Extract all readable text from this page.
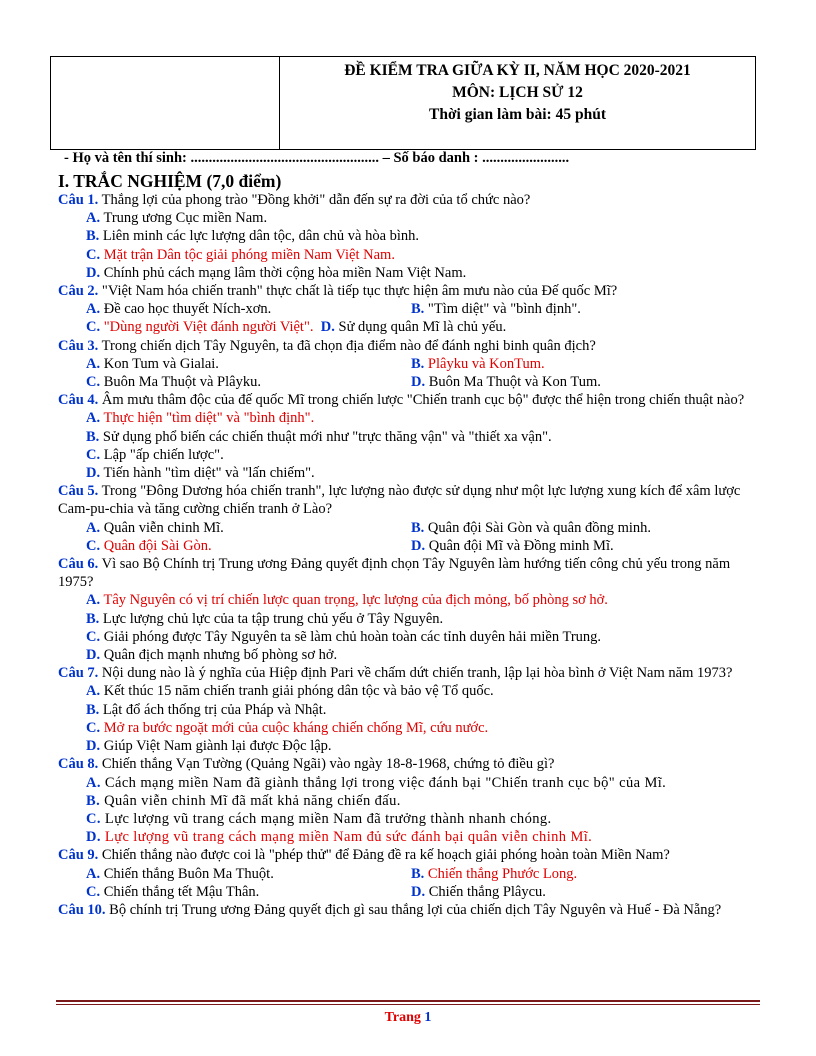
ĐỀ KIỂM TRA GIỮA KỲ II, NĂM HỌC 2020-2021
MÔN: LỊCH SỬ 12
Thời gian làm bài: 45 phút
- Họ và tên thí sinh: .................................................... – Số báo danh : ........................
I. TRẮC NGHIỆM (7,0 điểm)
Câu 1. Thắng lợi của phong trào "Đồng khởi" dẫn đến sự ra đời của tổ chức nào?
A. Trung ương Cục miền Nam.
B. Liên minh các lực lượng dân tộc, dân chủ và hòa bình.
C. Mặt trận Dân tộc giải phóng miền Nam Việt Nam.
D. Chính phủ cách mạng lâm thời cộng hòa miền Nam Việt Nam.
Câu 2. "Việt Nam hóa chiến tranh" thực chất là tiếp tục thực hiện âm mưu nào của Đế quốc Mĩ?
A. Đề cao học thuyết Ních-xơn.	B. "Tìm diệt" và "bình định".
C. "Dùng người Việt đánh người Việt". D. Sử dụng quân Mĩ là chủ yếu.
Câu 3. Trong chiến dịch Tây Nguyên, ta đã chọn địa điểm nào để đánh nghi binh quân địch?
A. Kon Tum và Gialai.	B. Plâyku và KonTum.
C. Buôn Ma Thuột và Plâyku.	D. Buôn Ma Thuột và Kon Tum.
Câu 4. Âm mưu thâm độc của đế quốc Mĩ trong chiến lược "Chiến tranh cục bộ" được thể hiện trong chiến thuật nào?
A. Thực hiện "tìm diệt" và "bình định".
B. Sử dụng phổ biến các chiến thuật mới như "trực thăng vận" và "thiết xa vận".
C. Lập "ấp chiến lược".
D. Tiến hành "tìm diệt" và "lấn chiếm".
Câu 5. Trong "Đông Dương hóa chiến tranh", lực lượng nào được sử dụng như một lực lượng xung kích để xâm lược Cam-pu-chia và tăng cường chiến tranh ở Lào?
A. Quân viễn chinh Mĩ.	B. Quân đội Sài Gòn và quân đồng minh.
C. Quân đội Sài Gòn.	D. Quân đội Mĩ và Đồng minh Mĩ.
Câu 6. Vì sao Bộ Chính trị Trung ương Đảng quyết định chọn Tây Nguyên làm hướng tiến công chủ yếu trong năm 1975?
A. Tây Nguyên có vị trí chiến lược quan trọng, lực lượng của địch mỏng, bố phòng sơ hở.
B. Lực lượng chủ lực của ta tập trung chủ yếu ở Tây Nguyên.
C. Giải phóng được Tây Nguyên ta sẽ làm chủ hoàn toàn các tỉnh duyên hải miền Trung.
D. Quân địch mạnh nhưng bố phòng sơ hở.
Câu 7. Nội dung nào là ý nghĩa của Hiệp định Pari về chấm dứt chiến tranh, lập lại hòa bình ở Việt Nam năm 1973?
A. Kết thúc 15 năm chiến tranh giải phóng dân tộc và bảo vệ Tổ quốc.
B. Lật đổ ách thống trị của Pháp và Nhật.
C. Mở ra bước ngoặt mới của cuộc kháng chiến chống Mĩ, cứu nước.
D. Giúp Việt Nam giành lại được Độc lập.
Câu 8. Chiến thắng Vạn Tường (Quảng Ngãi) vào ngày 18-8-1968, chứng tỏ điều gì?
A. Cách mạng miền Nam đã giành thắng lợi trong việc đánh bại "Chiến tranh cục bộ" của Mĩ.
B. Quân viễn chinh Mĩ đã mất khả năng chiến đấu.
C. Lực lượng vũ trang cách mạng miền Nam đã trưởng thành nhanh chóng.
D. Lực lượng vũ trang cách mạng miền Nam đủ sức đánh bại quân viễn chinh Mĩ.
Câu 9. Chiến thắng nào được coi là "phép thử" để Đảng đề ra kế hoạch giải phóng hoàn toàn Miền Nam?
A. Chiến thắng Buôn Ma Thuột.	B. Chiến thắng Phước Long.
C. Chiến thắng tết Mậu Thân.	D. Chiến thắng Plâycu.
Câu 10. Bộ chính trị Trung ương Đảng quyết địch gì sau thắng lợi của chiến dịch Tây Nguyên và Huế - Đà Nẵng?
Trang 1
